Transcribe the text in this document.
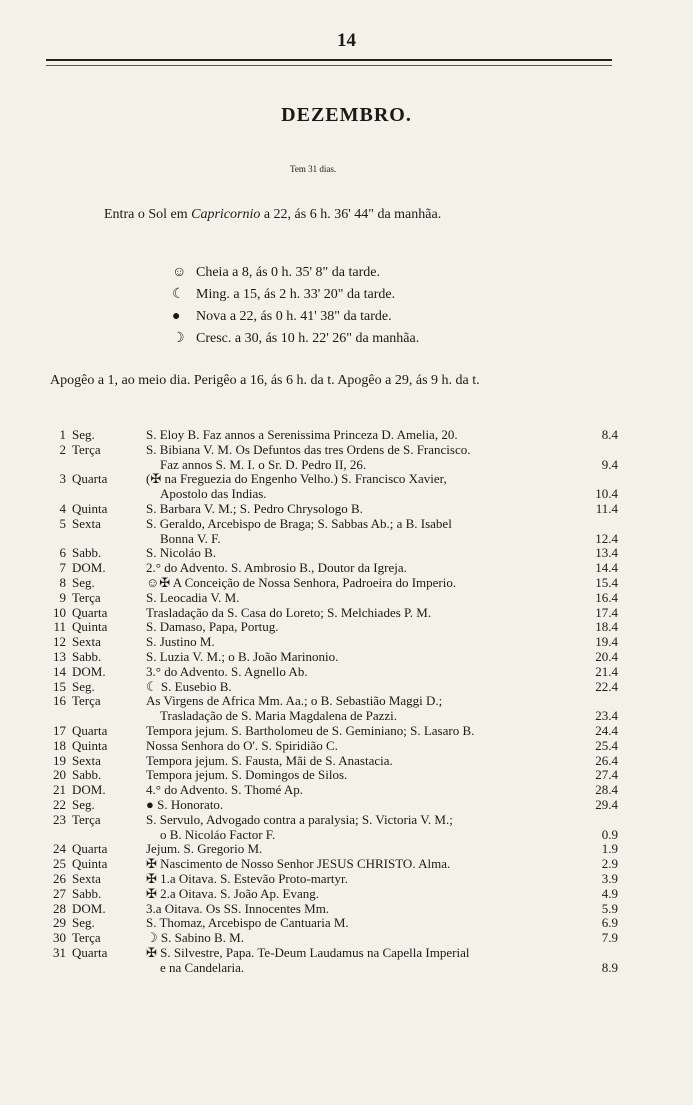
14
DEZEMBRO.
Tem 31 dias.
Entra o Sol em Capricornio a 22, ás 6 h. 36' 44" da manhãa.
☺ Cheia a 8, ás 0 h. 35' 8" da tarde.
☾ Ming. a 15, ás 2 h. 33' 20" da tarde.
●	Nova a 22, ás 0 h. 41' 38" da tarde.
☽ Cresc. a 30, ás 10 h. 22' 26" da manhãa.
Apogêo a 1, ao meio dia. Perigêo a 16, ás 6 h. da t. Apogêo a 29, ás 9 h. da t.
1 Seg.	S. Eloy B. Faz annos a Serenissima Princeza D. Amelia, 20.	8.4
2 Terça	S. Bibiana V. M. Os Defuntos das tres Ordens de S. Francisco.
Faz annos S. M. I. o Sr. D. Pedro II, 26.	9.4
3 Quarta	(✠ na Freguezia do Engenho Velho.) S. Francisco Xavier,
Apostolo das Indias.	10.4
4 Quinta	S. Barbara V. M.; S. Pedro Chrysologo B.	11.4
5 Sexta	S. Geraldo, Arcebispo de Braga; S. Sabbas Ab.; a B. Isabel
Bonna V. F.	12.4
6 Sabb.	S. Nicoláo B.	13.4
7 DOM.	2.° do Advento. S. Ambrosio B., Doutor da Igreja.	14.4
8 Seg.	☺✠ A Conceição de Nossa Senhora, Padroeira do Imperio.	15.4
9 Terça	S. Leocadia V. M.	16.4
10 Quarta	Trasladação da S. Casa do Loreto; S. Melchiades P. M.	17.4
11 Quinta	S. Damaso, Papa, Portug.	18.4
12 Sexta	S. Justino M.	19.4
13 Sabb.	S. Luzia V. M.; o B. João Marinonio.	20.4
14 DOM.	3.° do Advento. S. Agnello Ab.	21.4
15 Seg.	☾ S. Eusebio B.	22.4
16 Terça	As Virgens de Africa Mm. Aa.; o B. Sebastião Maggi D.;
Trasladação de S. Maria Magdalena de Pazzi.	23.4
17 Quarta	Tempora jejum. S. Bartholomeu de S. Geminiano; S. Lasaro B.	24.4
18 Quinta	Nossa Senhora do O'. S. Spiridião C.	25.4
19 Sexta	Tempora jejum. S. Fausta, Mãi de S. Anastacia.	26.4
20 Sabb.	Tempora jejum. S. Domingos de Silos.	27.4
21 DOM.	4.° do Advento. S. Thomé Ap.	28.4
22 Seg.	● S. Honorato.	29.4
23 Terça	S. Servulo, Advogado contra a paralysia; S. Victoria V. M.;
o B. Nicoláo Factor F.	0.9
24 Quarta	Jejum. S. Gregorio M.	1.9
25 Quinta	✠ Nascimento de Nosso Senhor JESUS CHRISTO. Alma.	2.9
26 Sexta	✠ 1.a Oitava. S. Estevão Proto-martyr.	3.9
27 Sabb.	✠ 2.a Oitava. S. João Ap. Evang.	4.9
28 DOM.	3.a Oitava. Os SS. Innocentes Mm.	5.9
29 Seg.	S. Thomaz, Arcebispo de Cantuaria M.	6.9
30 Terça	☽ S. Sabino B. M.	7.9
31 Quarta	✠ S. Silvestre, Papa. Te-Deum Laudamus na Capella Imperial
e na Candelaria.	8.9
